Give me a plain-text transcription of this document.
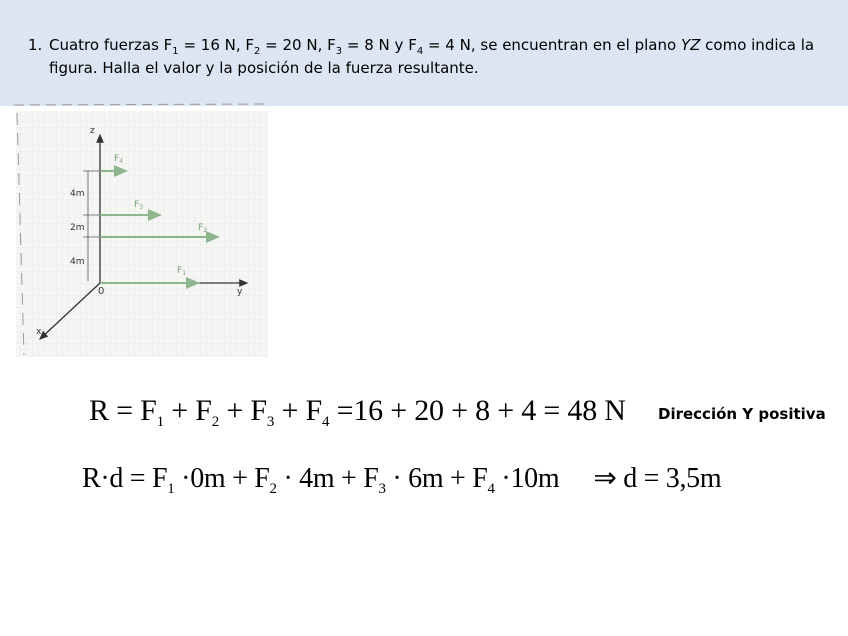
1. Cuatro fuerzas $F_1 = 16$ N, $F_2 = 20$ N, $F_3 = 8$ N y $F_4 = 4$ N, se encuentran en el plano YZ como indica la figura. Halla el valor y la posición de la fuerza resultante.
z
y
x
0
4m
2m
4m
$F_1$
$F_2$
$F_3$
$F_4$
$R = F_1 + F_2 + F_3 + F_4 =16 + 20 + 8 + 4 = 48$ N Dirección Y positiva
$R\cdot d = F_1 \cdot 0m + F_2 \cdot 4m + F_3 \cdot 6m + F_4 \cdot 10m$ ⇒ d = 3,5m
